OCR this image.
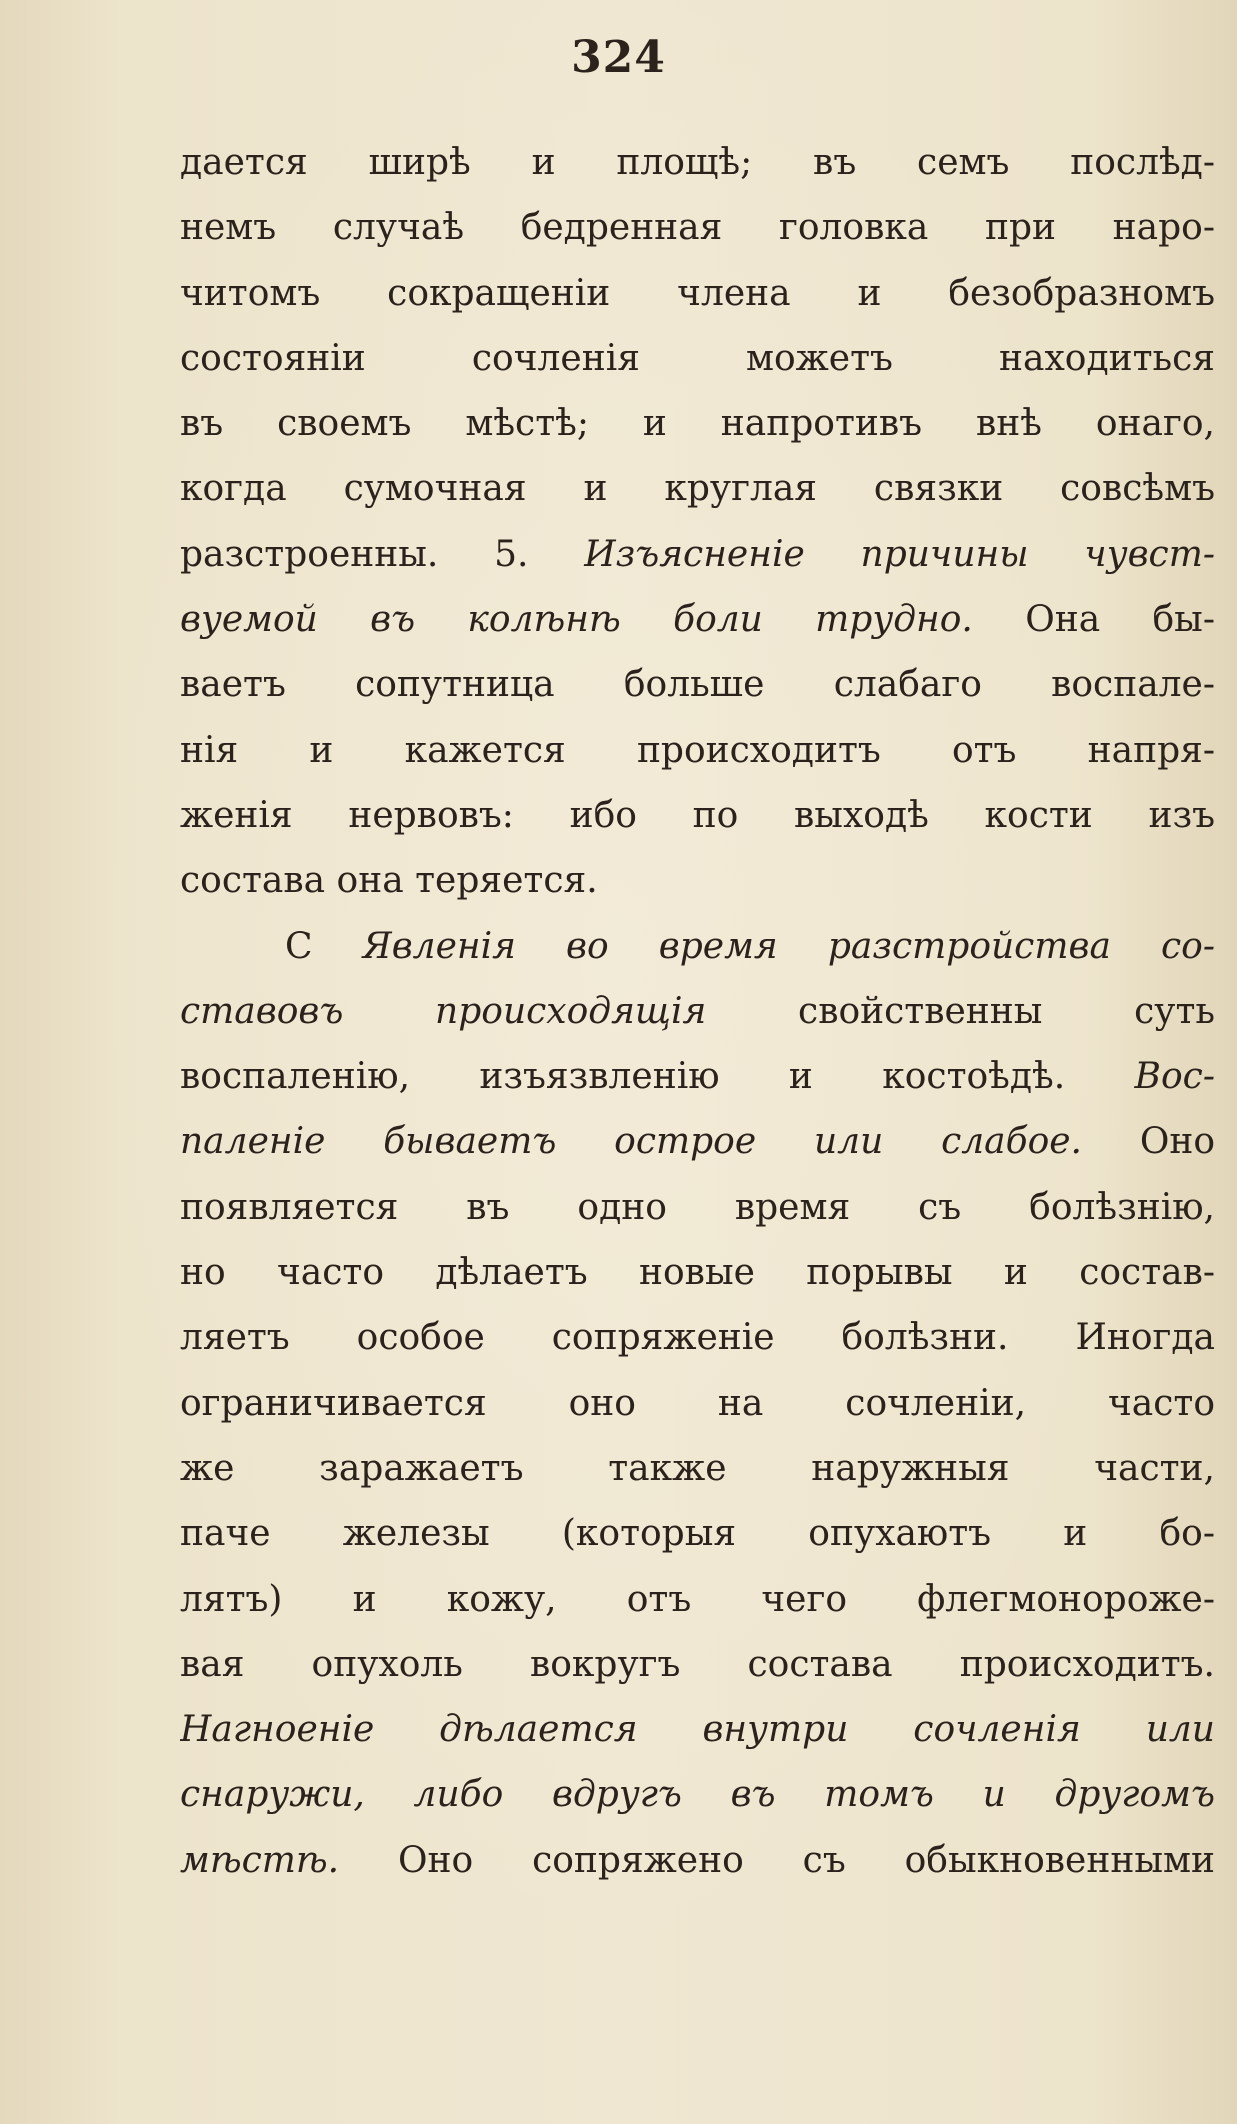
324
дается ширѣ и площѣ; въ семъ послѣд-
немъ случаѣ бедренная головка при наро-
читомъ сокращеніи члена и безобразномъ
состояніи сочленія можетъ находиться
въ своемъ мѣстѣ; и напротивъ внѣ онаго,
когда сумочная и круглая связки совсѣмъ
разстроенны. 5. Изъясненіе причины чувст-
вуемой въ колѣнѣ боли трудно. Она бы-
ваетъ сопутница больше слабаго воспале-
нія и кажется происходитъ отъ напря-
женія нервовъ: ибо по выходѣ кости изъ
состава она теряется.
С Явленія во время разстройства со-
ставовъ происходящія свойственны суть
воспаленію, изъязвленію и костоѣдѣ. Вос-
паленіе бываетъ острое или слабое. Оно
появляется въ одно время съ болѣзнію,
но часто дѣлаетъ новые порывы и состав-
ляетъ особое сопряженіе болѣзни. Иногда
ограничивается оно на сочленіи, часто
же заражаетъ также наружныя части,
паче железы (которыя опухаютъ и бо-
лятъ) и кожу, отъ чего флегмонороже-
вая опухоль вокругъ состава происходитъ.
Нагноеніе дѣлается внутри сочленія или
снаружи, либо вдругъ въ томъ и другомъ
мѣстѣ. Оно сопряжено съ обыкновенными
